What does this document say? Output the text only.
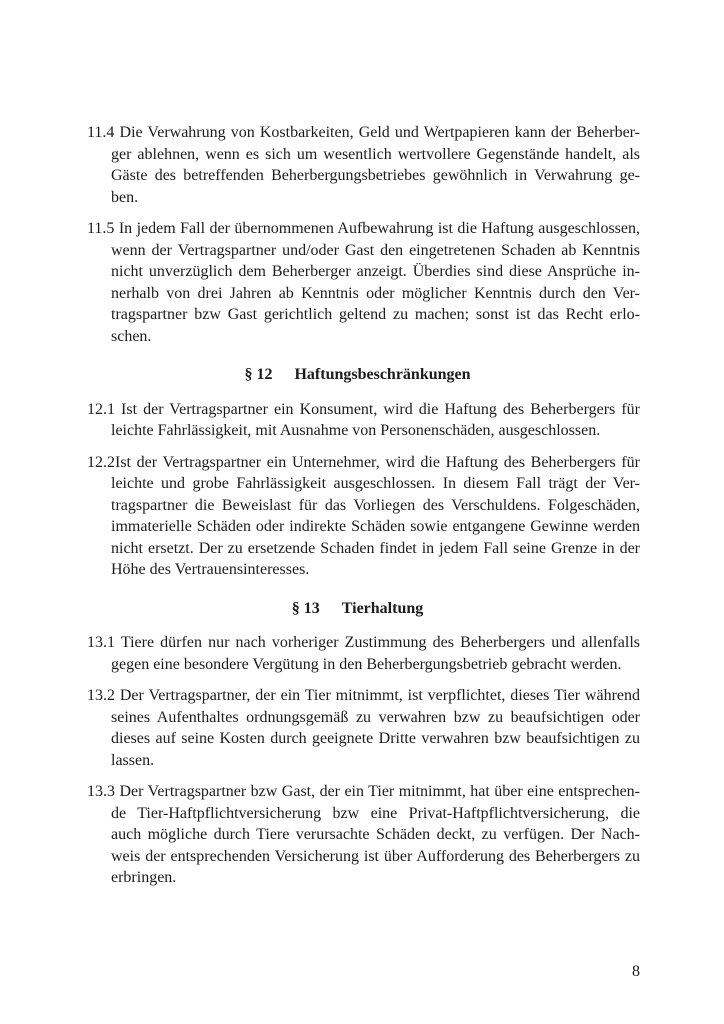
11.4 Die Verwahrung von Kostbarkeiten, Geld und Wertpapieren kann der Beherber-
ger ablehnen, wenn es sich um wesentlich wertvollere Gegenstände handelt, als
Gäste des betreffenden Beherbergungsbetriebes gewöhnlich in Verwahrung ge-
ben.
11.5 In jedem Fall der übernommenen Aufbewahrung ist die Haftung ausgeschlossen,
wenn der Vertragspartner und/oder Gast den eingetretenen Schaden ab Kenntnis
nicht unverzüglich dem Beherberger anzeigt. Überdies sind diese Ansprüche in-
nerhalb von drei Jahren ab Kenntnis oder möglicher Kenntnis durch den Ver-
tragspartner bzw Gast gerichtlich geltend zu machen; sonst ist das Recht erlo-
schen.
§ 12 Haftungsbeschränkungen
12.1 Ist der Vertragspartner ein Konsument, wird die Haftung des Beherbergers für
leichte Fahrlässigkeit, mit Ausnahme von Personenschäden, ausgeschlossen.
12.2Ist der Vertragspartner ein Unternehmer, wird die Haftung des Beherbergers für
leichte und grobe Fahrlässigkeit ausgeschlossen. In diesem Fall trägt der Ver-
tragspartner die Beweislast für das Vorliegen des Verschuldens. Folgeschäden,
immaterielle Schäden oder indirekte Schäden sowie entgangene Gewinne werden
nicht ersetzt. Der zu ersetzende Schaden findet in jedem Fall seine Grenze in der
Höhe des Vertrauensinteresses.
§ 13 Tierhaltung
13.1 Tiere dürfen nur nach vorheriger Zustimmung des Beherbergers und allenfalls
gegen eine besondere Vergütung in den Beherbergungsbetrieb gebracht werden.
13.2 Der Vertragspartner, der ein Tier mitnimmt, ist verpflichtet, dieses Tier während
seines Aufenthaltes ordnungsgemäß zu verwahren bzw zu beaufsichtigen oder
dieses auf seine Kosten durch geeignete Dritte verwahren bzw beaufsichtigen zu
lassen.
13.3 Der Vertragspartner bzw Gast, der ein Tier mitnimmt, hat über eine entsprechen-
de Tier-Haftpflichtversicherung bzw eine Privat-Haftpflichtversicherung, die
auch mögliche durch Tiere verursachte Schäden deckt, zu verfügen. Der Nach-
weis der entsprechenden Versicherung ist über Aufforderung des Beherbergers zu
erbringen.
8
